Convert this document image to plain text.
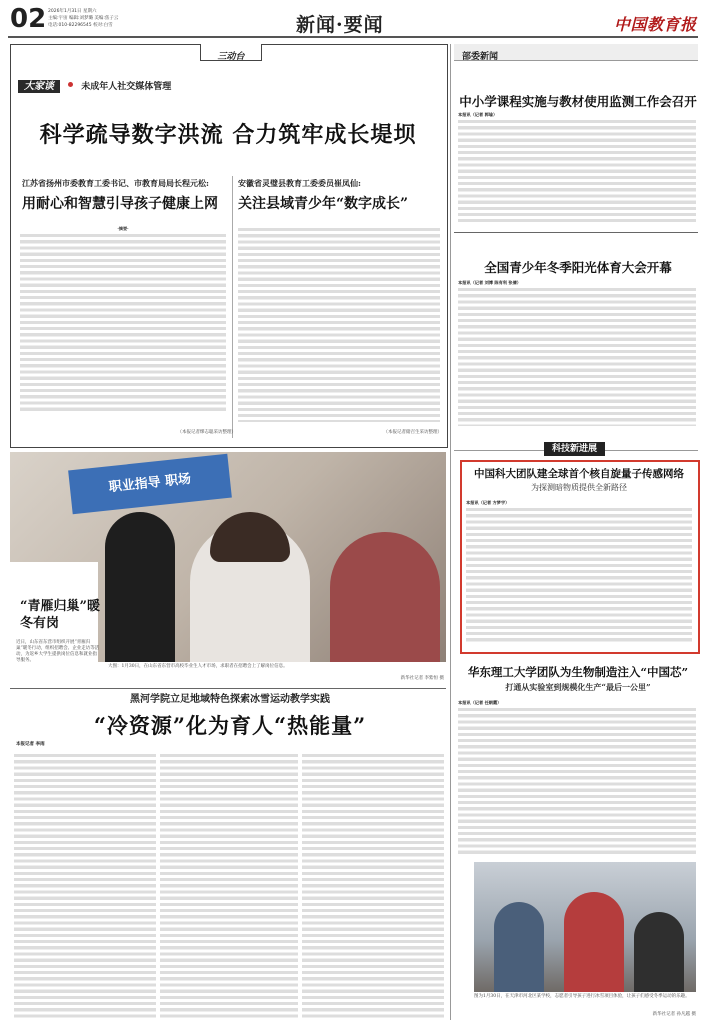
02 2026年1月31日 星期六
主编:宇宙 编辑:刘梦璐 美编:焦子云
电话:010-82296545 校对:白雪	新闻·要闻	中国教育报
三动台
大家谈	未成年人社交媒体管理
科学疏导数字洪流 合力筑牢成长堤坝
江苏省扬州市委教育工委书记、市教育局局长程元松:
用耐心和智慧引导孩子健康上网
安徽省灵璧县教育工委委员崔凤仙:
关注县域青少年“数字成长”
·摘要·
（本报记者缪志聪采访整理）	（本报记者储召生采访整理）
职业指导 职场
“青雁归巢”暖冬有岗
近日，山东省东营市组织开展“青雁归巢”暖冬行动，组织招聘会、企业走访等活动，为返乡大学生提供岗位信息和就业指导服务。
大图：1月30日，在山东省东营市高校毕业生人才市场，求职者在招聘会上了解岗位信息。
新华社记者 李紫恒 摄
黑河学院立足地域特色探索冰雪运动教学实践
“冷资源”化为育人“热能量”
本报记者 李雨
部委新闻
中小学课程实施与教材使用监测工作会召开
本报讯（记者 郭瑜）
全国青少年冬季阳光体育大会开幕
本报讯（记者 刘博 陈有利 张倩）
科技新进展
中国科大团队建全球首个核自旋量子传感网络
为探测暗物质提供全新路径
本报讯（记者 方梦宇）
华东理工大学团队为生物制造注入“中国芯”
打通从实验室到规模化生产“最后一公里”
本报讯（记者 任朝霞）
图为1月30日，在天津市河北区某学校，志愿者引导孩子进行冰雪项目体验，让孩子们感受冬季运动的乐趣。
新华社记者 孙凡越 摄
